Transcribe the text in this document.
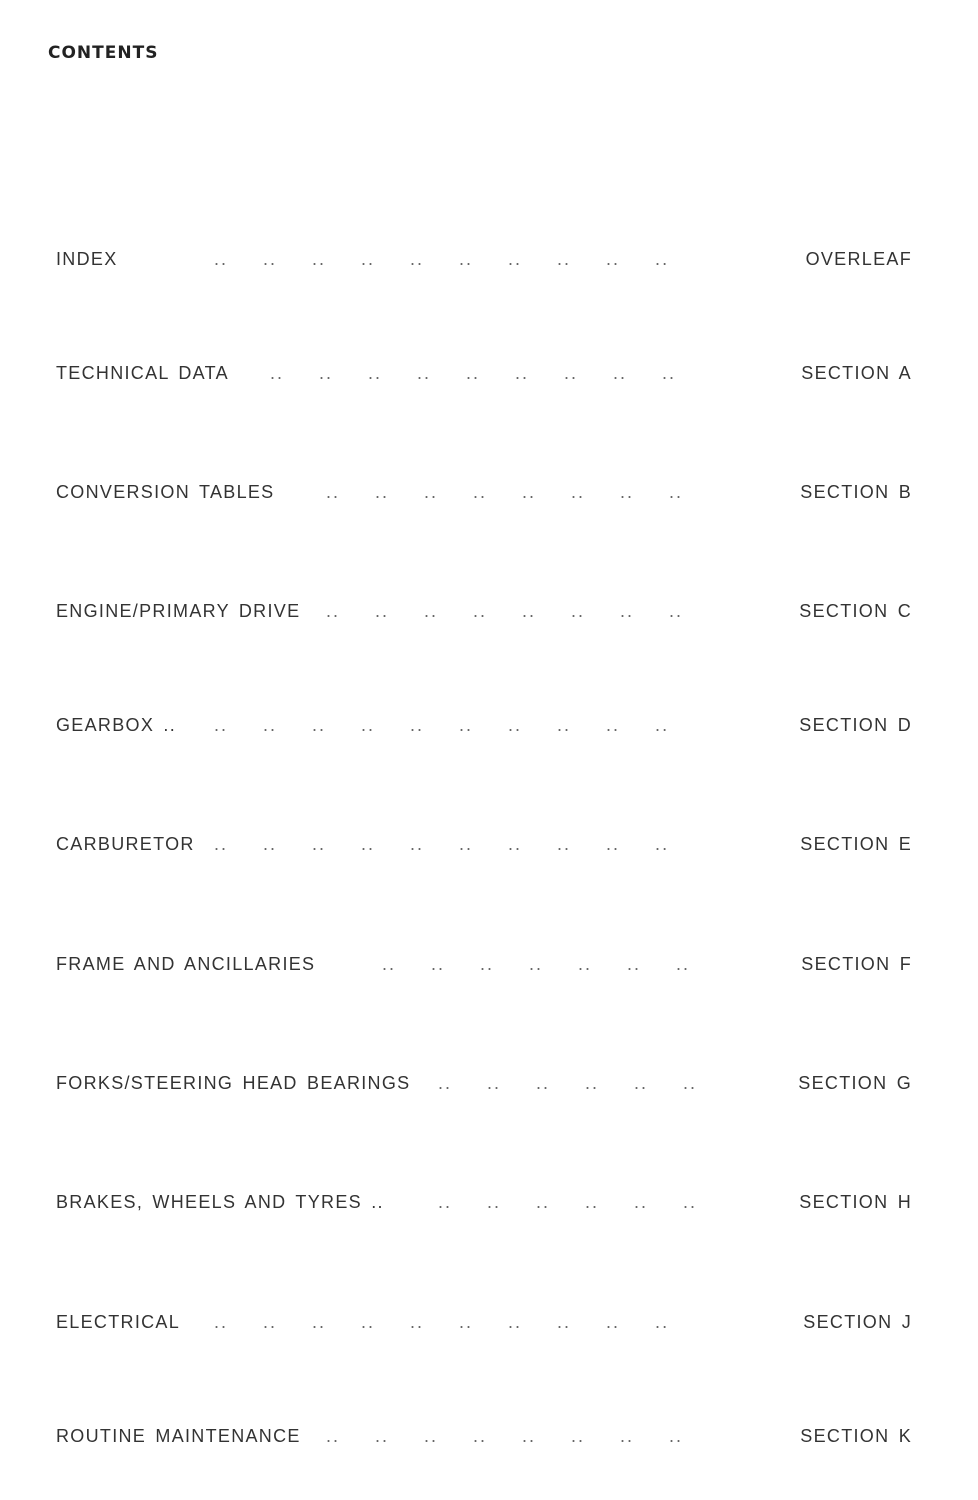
CONTENTS
INDEX	..     ..     ..     ..     ..     ..     ..     ..     ..     ..	OVERLEAF
TECHNICAL DATA ..     ..     ..     ..     ..     ..     ..     ..     ..	SECTION A
CONVERSION TABLES	..     ..     ..     ..     ..     ..     ..     ..	SECTION B
ENGINE/PRIMARY DRIVE ..     ..     ..     ..     ..     ..     ..     ..	SECTION C
GEARBOX .. ..     ..     ..     ..     ..     ..     ..     ..     ..     ..	SECTION D
CARBURETOR ..     ..     ..     ..     ..     ..     ..     ..     ..     ..	SECTION E
FRAME AND ANCILLARIES	..     ..     ..     ..     ..     ..     ..	SECTION F
FORKS/STEERING HEAD BEARINGS ..     ..     ..     ..     ..     ..	SECTION G
BRAKES, WHEELS AND TYRES ..	..     ..     ..     ..     ..     ..	SECTION H
ELECTRICAL ..     ..     ..     ..     ..     ..     ..     ..     ..     ..	SECTION J
ROUTINE MAINTENANCE ..     ..     ..     ..     ..     ..     ..     ..	SECTION K
